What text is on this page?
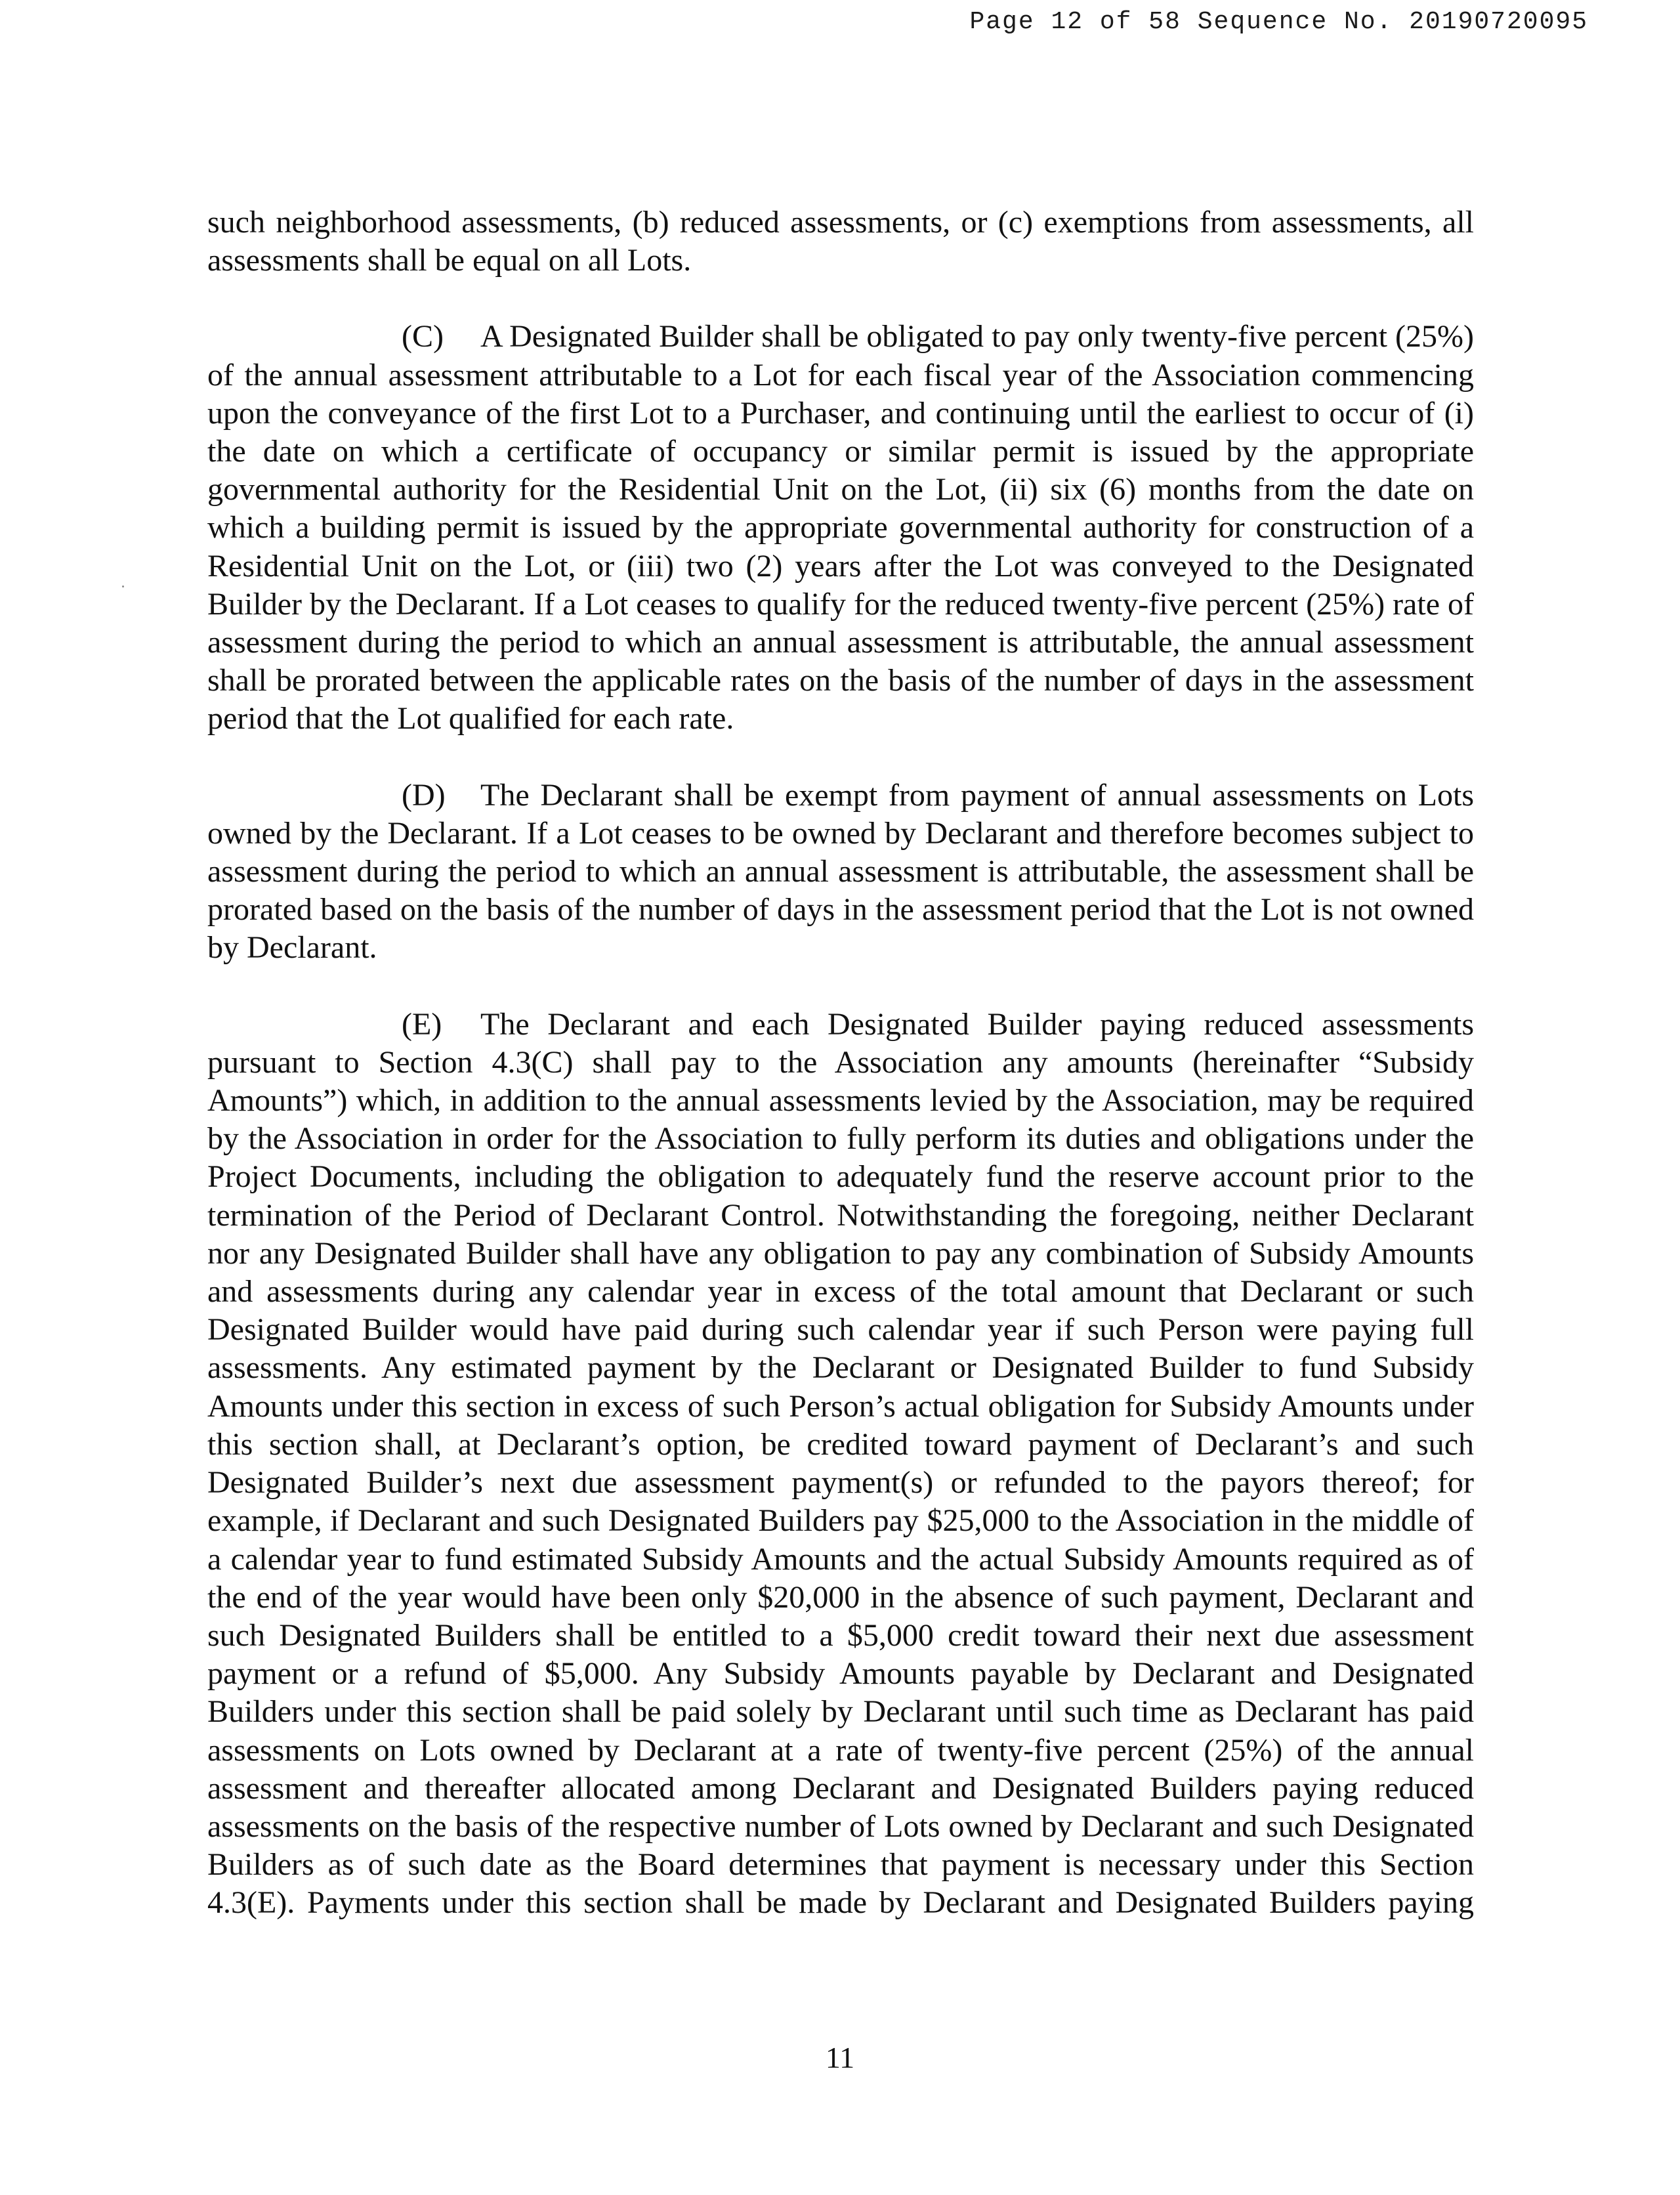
Page 12 of 58 Sequence No. 20190720095

such neighborhood assessments, (b) reduced assessments, or (c) exemptions from assessments, all assessments shall be equal on all Lots.

(C) A Designated Builder shall be obligated to pay only twenty-five percent (25%) of the annual assessment attributable to a Lot for each fiscal year of the Association commencing upon the conveyance of the first Lot to a Purchaser, and continuing until the earliest to occur of (i) the date on which a certificate of occupancy or similar permit is issued by the appropriate governmental authority for the Residential Unit on the Lot, (ii) six (6) months from the date on which a building permit is issued by the appropriate governmental authority for construction of a Residential Unit on the Lot, or (iii) two (2) years after the Lot was conveyed to the Designated Builder by the Declarant. If a Lot ceases to qualify for the reduced twenty-five percent (25%) rate of assessment during the period to which an annual assessment is attributable, the annual assessment shall be prorated between the applicable rates on the basis of the number of days in the assessment period that the Lot qualified for each rate.

(D) The Declarant shall be exempt from payment of annual assessments on Lots owned by the Declarant. If a Lot ceases to be owned by Declarant and therefore becomes subject to assessment during the period to which an annual assessment is attributable, the assessment shall be prorated based on the basis of the number of days in the assessment period that the Lot is not owned by Declarant.

(E) The Declarant and each Designated Builder paying reduced assessments pursuant to Section 4.3(C) shall pay to the Association any amounts (hereinafter “Subsidy Amounts”) which, in addition to the annual assessments levied by the Association, may be required by the Association in order for the Association to fully perform its duties and obligations under the Project Documents, including the obligation to adequately fund the reserve account prior to the termination of the Period of Declarant Control. Notwithstanding the foregoing, neither Declarant nor any Designated Builder shall have any obligation to pay any combination of Subsidy Amounts and assessments during any calendar year in excess of the total amount that Declarant or such Designated Builder would have paid during such calendar year if such Person were paying full assessments. Any estimated payment by the Declarant or Designated Builder to fund Subsidy Amounts under this section in excess of such Person’s actual obligation for Subsidy Amounts under this section shall, at Declarant’s option, be credited toward payment of Declarant’s and such Designated Builder’s next due assessment payment(s) or refunded to the payors thereof; for example, if Declarant and such Designated Builders pay $25,000 to the Association in the middle of a calendar year to fund estimated Subsidy Amounts and the actual Subsidy Amounts required as of the end of the year would have been only $20,000 in the absence of such payment, Declarant and such Designated Builders shall be entitled to a $5,000 credit toward their next due assessment payment or a refund of $5,000. Any Subsidy Amounts payable by Declarant and Designated Builders under this section shall be paid solely by Declarant until such time as Declarant has paid assessments on Lots owned by Declarant at a rate of twenty-five percent (25%) of the annual assessment and thereafter allocated among Declarant and Designated Builders paying reduced assessments on the basis of the respective number of Lots owned by Declarant and such Designated Builders as of such date as the Board determines that payment is necessary under this Section 4.3(E). Payments under this section shall be made by Declarant and Designated Builders paying

11
